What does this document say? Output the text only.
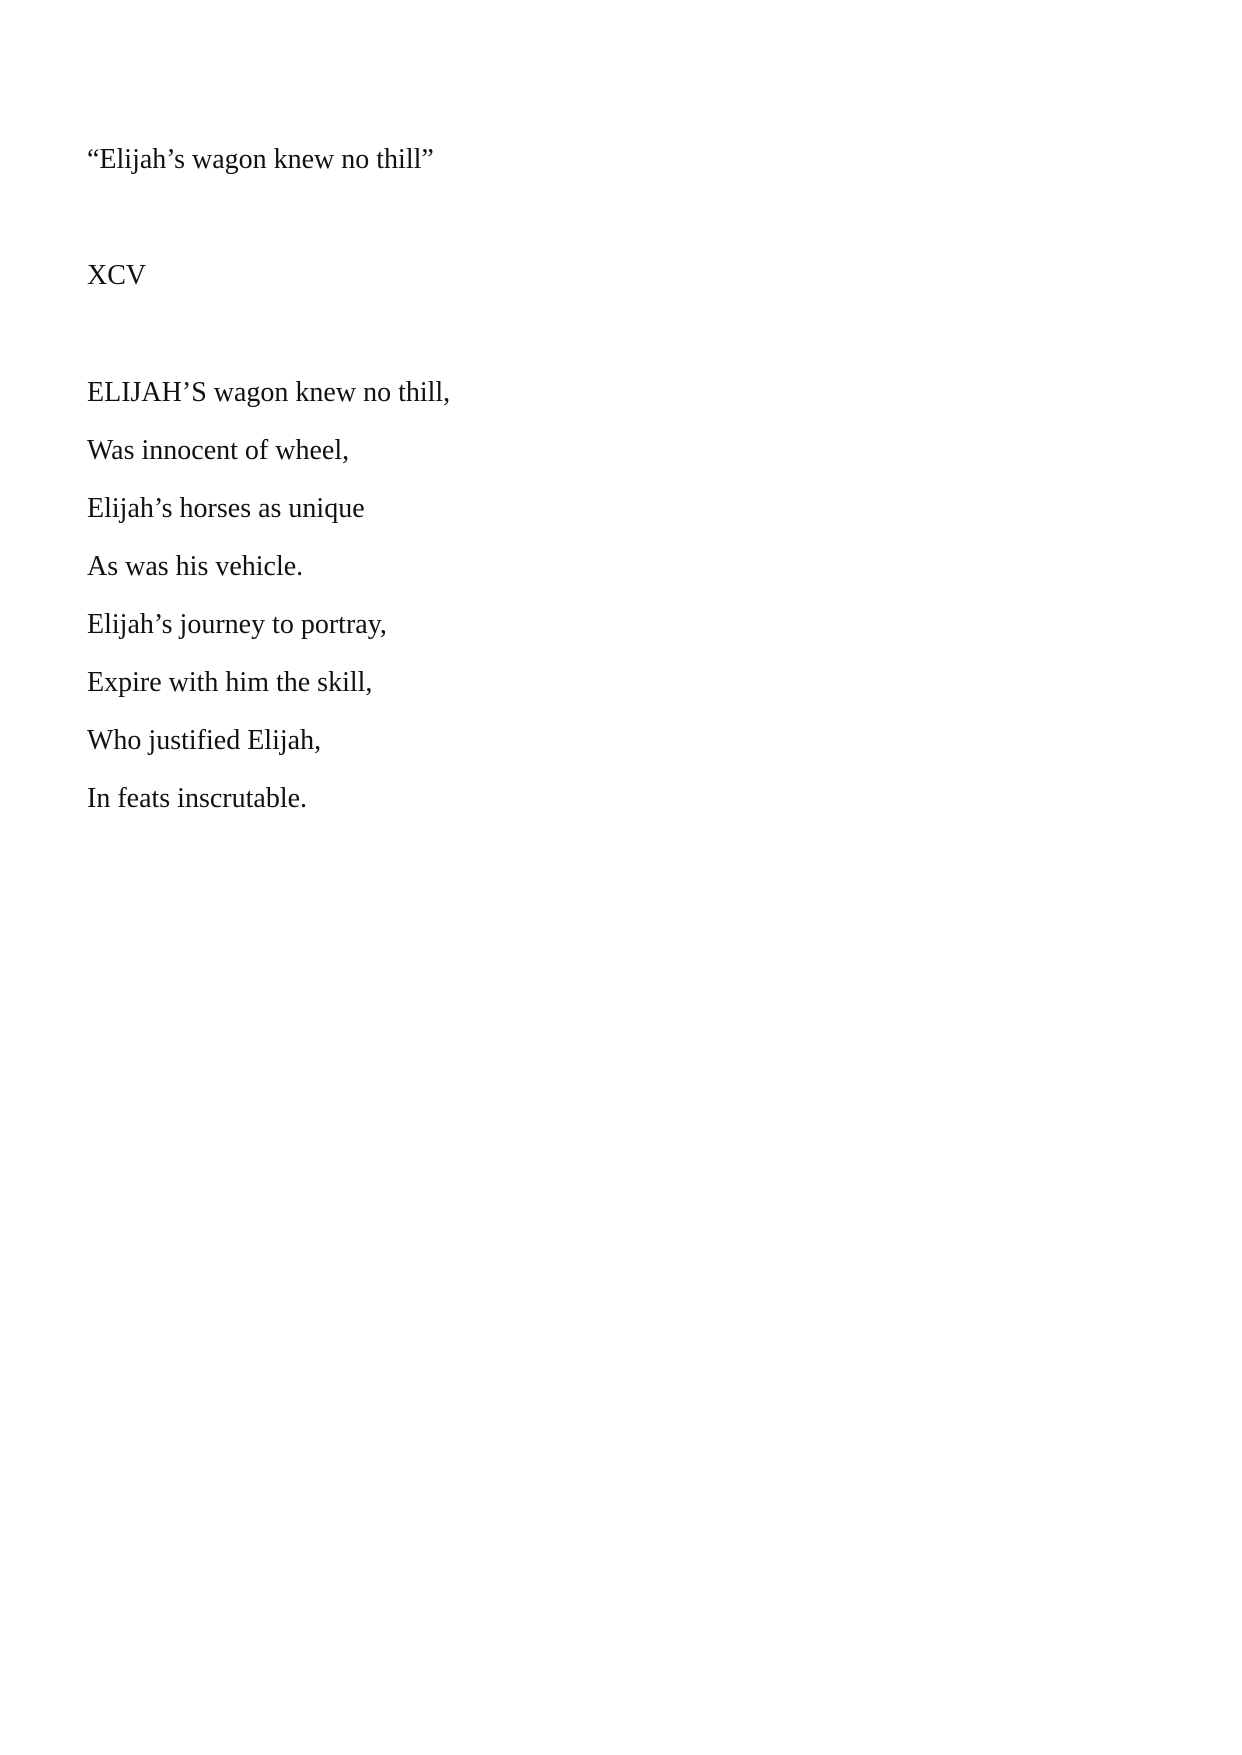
“Elijah’s wagon knew no thill”
XCV
ELIJAH’S wagon knew no thill,
Was innocent of wheel,
Elijah’s horses as unique
As was his vehicle.
Elijah’s journey to portray,
Expire with him the skill,
Who justified Elijah,
In feats inscrutable.
